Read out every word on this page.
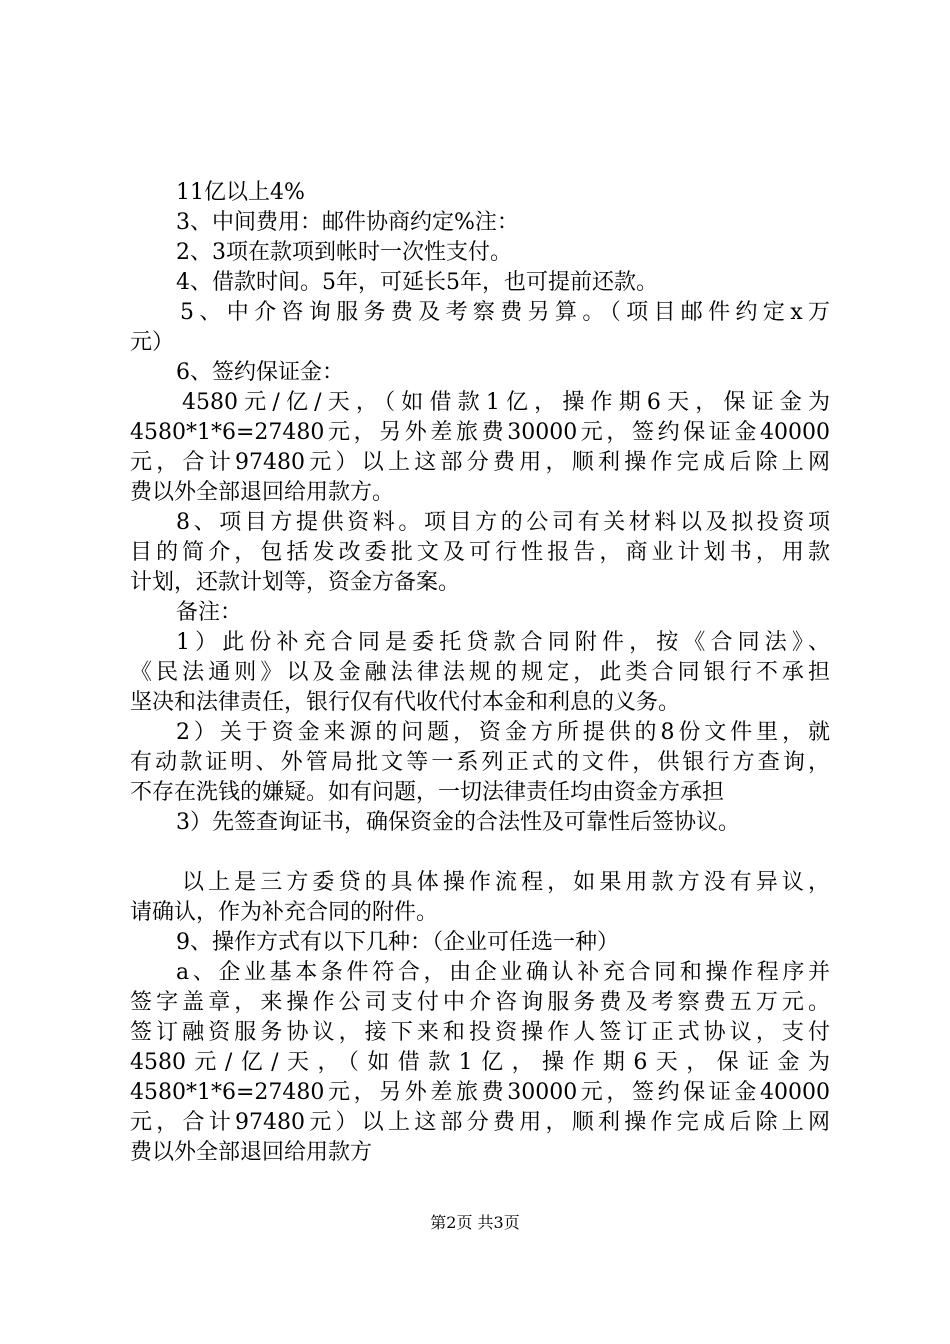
11亿以上4%
3、中间费用：邮件协商约定%注：
2、3项在款项到帐时一次性支付。
4、借款时间。5年，可延长5年，也可提前还款。
5、中介咨询服务费及考察费另算。（项目邮件约定x万
元）
6、签约保证金：
4580元/亿/天，（如借款1亿，操作期6天，保证金为
4580*1*6=27480元，另外差旅费30000元，签约保证金40000
元，合计97480元）以上这部分费用，顺利操作完成后除上网
费以外全部退回给用款方。
8、项目方提供资料。项目方的公司有关材料以及拟投资项
目的简介，包括发改委批文及可行性报告，商业计划书，用款
计划，还款计划等，资金方备案。
备注：
1）此份补充合同是委托贷款合同附件，按《合同法》、
《民法通则》以及金融法律法规的规定，此类合同银行不承担
坚决和法律责任，银行仅有代收代付本金和利息的义务。
2）关于资金来源的问题，资金方所提供的8份文件里，就
有动款证明、外管局批文等一系列正式的文件，供银行方查询，
不存在洗钱的嫌疑。如有问题，一切法律责任均由资金方承担
3）先签查询证书，确保资金的合法性及可靠性后签协议。
以上是三方委贷的具体操作流程，如果用款方没有异议，
请确认，作为补充合同的附件。
9、操作方式有以下几种：（企业可任选一种）
a、企业基本条件符合，由企业确认补充合同和操作程序并
签字盖章，来操作公司支付中介咨询服务费及考察费五万元。
签订融资服务协议，接下来和投资操作人签订正式协议，支付
4580元/亿/天，（如借款1亿，操作期6天，保证金为
4580*1*6=27480元，另外差旅费30000元，签约保证金40000
元，合计97480元）以上这部分费用，顺利操作完成后除上网
费以外全部退回给用款方
第2页 共3页
